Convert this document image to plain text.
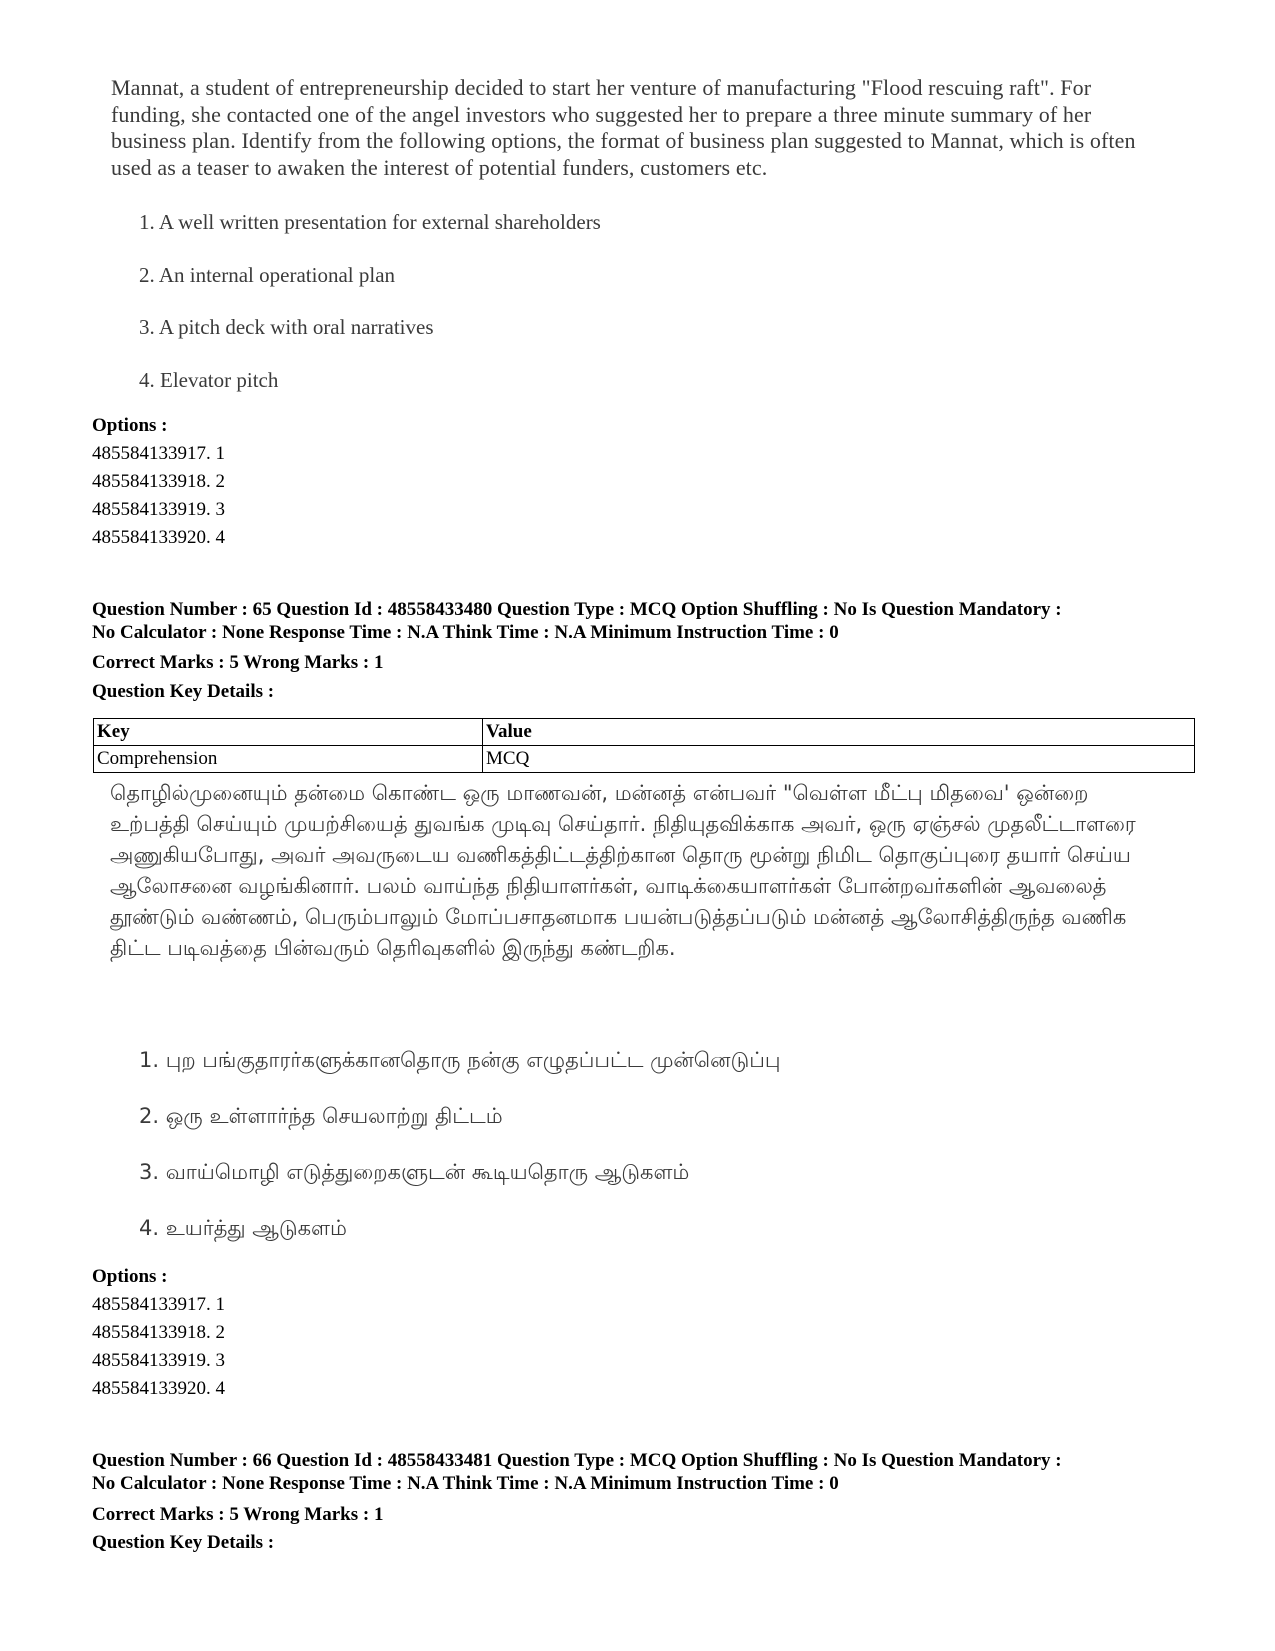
Mannat, a student of entrepreneurship decided to start her venture of manufacturing "Flood rescuing raft". For funding, she contacted one of the angel investors who suggested her to prepare a three minute summary of her business plan. Identify from the following options, the format of business plan suggested to Mannat, which is often used as a teaser to awaken the interest of potential funders, customers etc.
1. A well written presentation for external shareholders
2. An internal operational plan
3. A pitch deck with oral narratives
4. Elevator pitch
Options :
485584133917. 1
485584133918. 2
485584133919. 3
485584133920. 4
Question Number : 65 Question Id : 48558433480 Question Type : MCQ Option Shuffling : No Is Question Mandatory :
No Calculator : None Response Time : N.A Think Time : N.A Minimum Instruction Time : 0
Correct Marks : 5 Wrong Marks : 1
Question Key Details :
Key	Value
Comprehension	MCQ
தொழில்முனையும் தன்மை கொண்ட ஒரு மாணவன், மன்னத் என்பவர் "வெள்ள மீட்பு மிதவை' ஒன்றை உற்பத்தி செய்யும் முயற்சியைத் துவங்க முடிவு செய்தார். நிதியுதவிக்காக அவர், ஒரு ஏஞ்சல் முதலீட்டாளரை அணுகியபோது, அவர் அவருடைய வணிகத்திட்டத்திற்கான தொரு மூன்று நிமிட தொகுப்புரை தயார் செய்ய ஆலோசனை வழங்கினார். பலம் வாய்ந்த நிதியாளர்கள், வாடிக்கையாளர்கள் போன்றவர்களின் ஆவலைத் தூண்டும் வண்ணம், பெரும்பாலும் மோப்பசாதனமாக பயன்படுத்தப்படும் மன்னத் ஆலோசித்திருந்த வணிக திட்ட படிவத்தை பின்வரும் தெரிவுகளில் இருந்து கண்டறிக.
1. புற பங்குதாரர்களுக்கானதொரு நன்கு எழுதப்பட்ட முன்னெடுப்பு
2. ஒரு உள்ளார்ந்த செயலாற்று திட்டம்
3. வாய்மொழி எடுத்துறைகளுடன் கூடியதொரு ஆடுகளம்
4. உயர்த்து ஆடுகளம்
Options :
485584133917. 1
485584133918. 2
485584133919. 3
485584133920. 4
Question Number : 66 Question Id : 48558433481 Question Type : MCQ Option Shuffling : No Is Question Mandatory :
No Calculator : None Response Time : N.A Think Time : N.A Minimum Instruction Time : 0
Correct Marks : 5 Wrong Marks : 1
Question Key Details :
